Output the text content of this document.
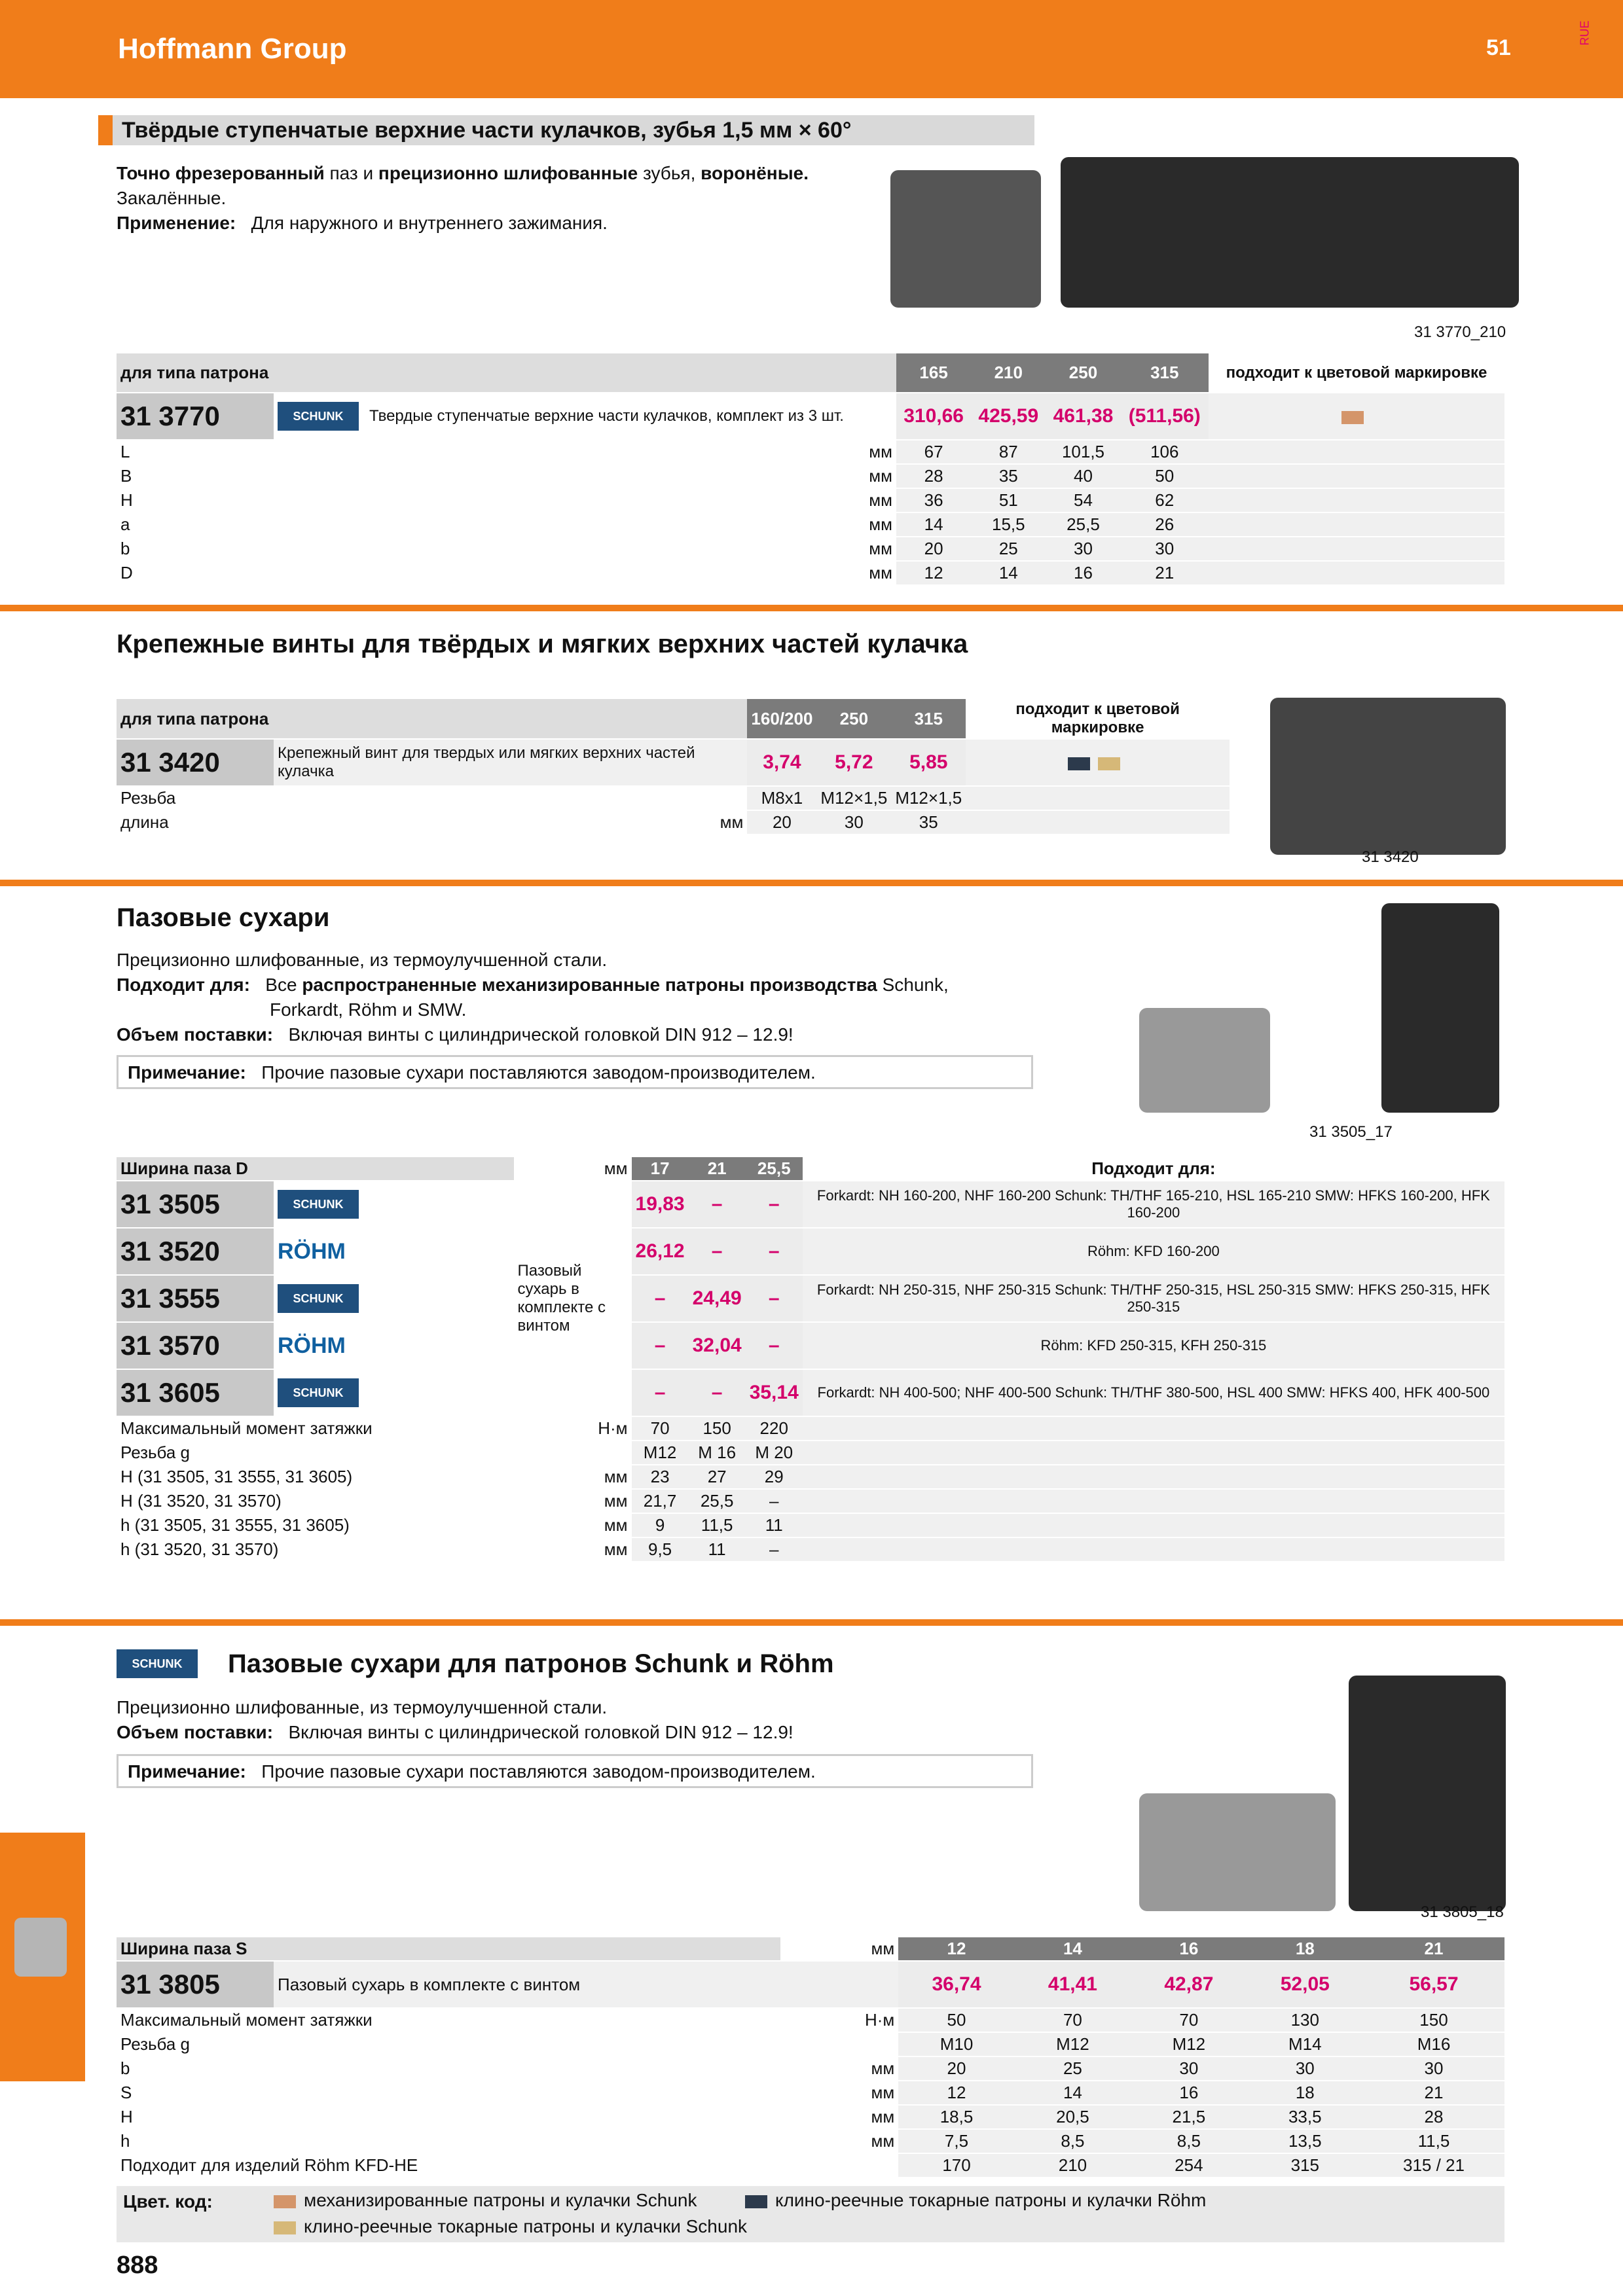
Hoffmann Group	51
RUE
Твёрдые ступенчатые верхние части кулачков, зубья 1,5 мм × 60°
Точно фрезерованный паз и прецизионно шлифованные зубья, воронёные.
Закалённые.
Применение: Для наружного и внутреннего зажимания.
31 3770_210
для типа патрона			165	210	250	315	подходит к цветовой маркировке
31 3770	SCHUNK	Твердые ступенчатые верхние части кулачков, комплект из 3 шт.	310,66	425,59	461,38	(511,56)	
L		мм	67	87	101,5	106	
B		мм	28	35	40	50	
H		мм	36	51	54	62	
a		мм	14	15,5	25,5	26	
b		мм	20	25	30	30	
D		мм	12	14	16	21	
Крепежные винты для твёрдых и мягких верхних частей кулачка
для типа патрона			160/200	250	315	подходит к цветовой маркировке
31 3420	Крепежный винт для твердых или мягких верхних частей кулачка		3,74	5,72	5,85	
Резьба			M8x1	M12×1,5	M12×1,5	
длина		мм	20	30	35	
31 3420
Пазовые сухари
Прецизионно шлифованные, из термоулучшенной стали.
Подходит для: Все распространенные механизированные патроны производства Schunk,
Forkardt, Röhm и SMW.
Объем поставки: Включая винты с цилиндрической головкой DIN 912 – 12.9!
Примечание: Прочие пазовые сухари поставляются заводом-производителем.
31 3505_17
Ширина паза D		мм	17	21	25,5	Подходит для:
31 3505	SCHUNK	Пазовый сухарь в комплекте с винтом	19,83	–	–	Forkardt: NH 160-200, NHF 160-200 Schunk: TH/THF 165-210, HSL 165-210 SMW: HFKS 160-200, HFK 160-200
31 3520	RÖHM		26,12	–	–	Röhm: KFD 160-200
31 3555	SCHUNK		–	24,49	–	Forkardt: NH 250-315, NHF 250-315 Schunk: TH/THF 250-315, HSL 250-315 SMW: HFKS 250-315, HFK 250-315
31 3570	RÖHM		–	32,04	–	Röhm: KFD 250-315, KFH 250-315
31 3605	SCHUNK		–	–	35,14	Forkardt: NH 400-500; NHF 400-500 Schunk: TH/THF 380-500, HSL 400 SMW: HFKS 400, HFK 400-500
Максимальный момент затяжки		Н·м	70	150	220	
Резьба g			M12	M 16	M 20	
H (31 3505, 31 3555, 31 3605)		мм	23	27	29	
H (31 3520, 31 3570)		мм	21,7	25,5	–	
h (31 3505, 31 3555, 31 3605)		мм	9	11,5	11	
h (31 3520, 31 3570)		мм	9,5	11	–	
SCHUNK	Пазовые сухари для патронов Schunk и Röhm
Прецизионно шлифованные, из термоулучшенной стали.
Объем поставки: Включая винты с цилиндрической головкой DIN 912 – 12.9!
Примечание: Прочие пазовые сухари поставляются заводом-производителем.
31 3805_18
Ширина паза S		мм	12	14	16	18	21
31 3805	Пазовый сухарь в комплекте с винтом		36,74	41,41	42,87	52,05	56,57
Максимальный момент затяжки		Н·м	50	70	70	130	150
Резьба g			M10	M12	M12	M14	M16
b		мм	20	25	30	30	30
S		мм	12	14	16	18	21
H		мм	18,5	20,5	21,5	33,5	28
h		мм	7,5	8,5	8,5	13,5	11,5
Подходит для изделий Röhm KFD-HE			170	210	254	315	315 / 21
Цвет. код:	механизированные патроны и кулачки Schunk	клино-реечные токарные патроны и кулачки Röhm
клино-реечные токарные патроны и кулачки Schunk
888
